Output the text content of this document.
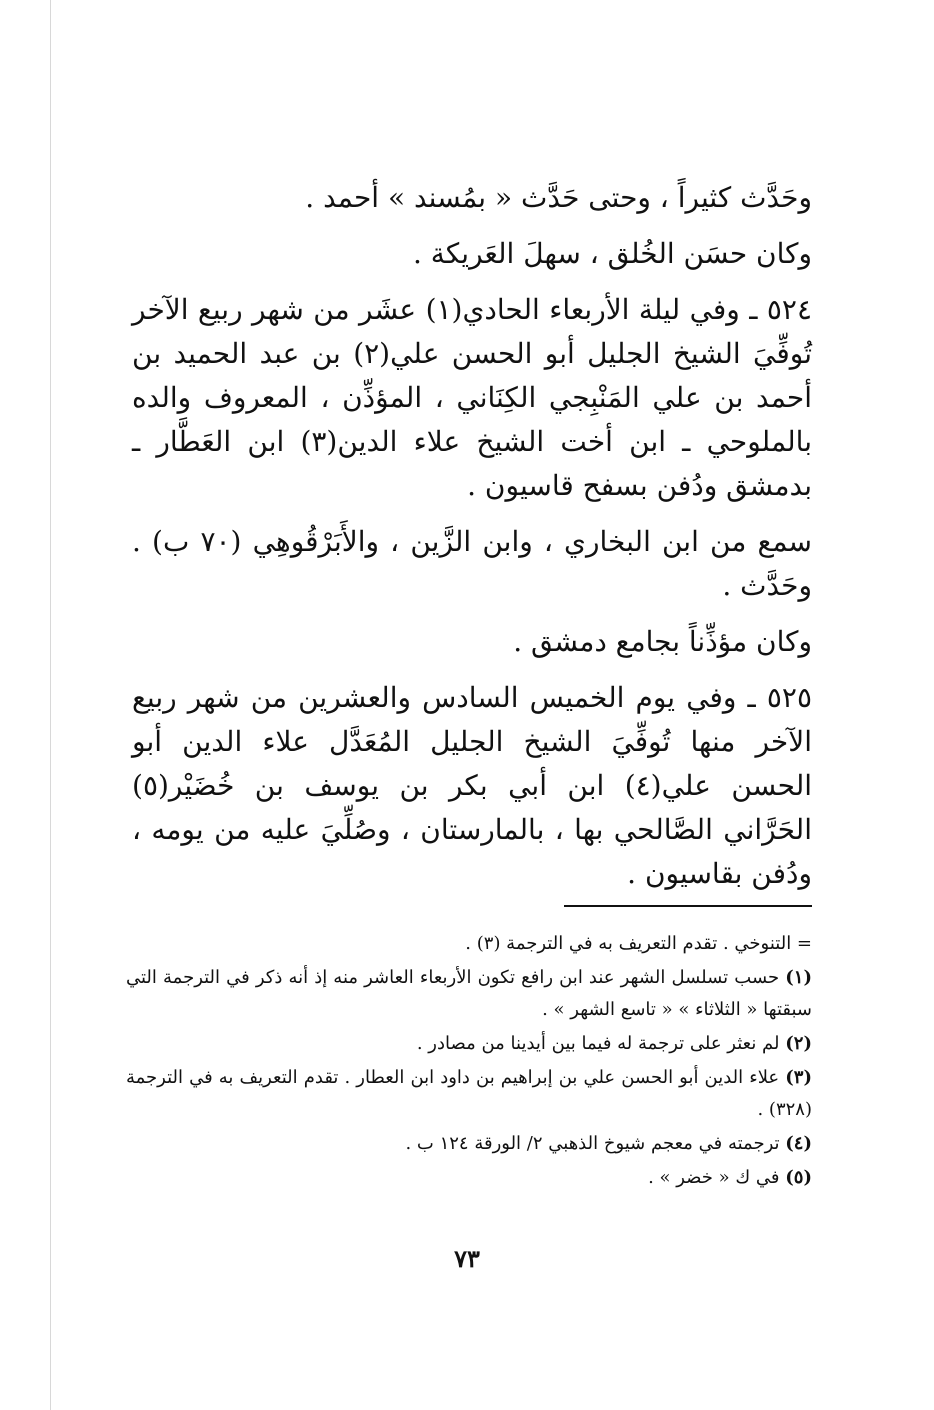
وحَدَّث كثيراً ، وحتى حَدَّث « بمُسند » أحمد .

وكان حسَن الخُلق ، سهلَ العَريكة .

٥٢٤ ـ وفي ليلة الأربعاء الحادي(١) عشَر من شهر ربيع الآخر تُوفِّيَ الشيخ الجليل أبو الحسن علي(٢) بن عبد الحميد بن أحمد بن علي المَنْبِجي الكِنَاني ، المؤذِّن ، المعروف والده بالملوحي ـ ابن أخت الشيخ علاء الدين(٣) ابن العَطَّار ـ بدمشق ودُفن بسفح قاسيون .

سمع من ابن البخاري ، وابن الزَّين ، والأَبَرْقُوهِي (٧٠ ب) . وحَدَّث .

وكان مؤذِّناً بجامع دمشق .

٥٢٥ ـ وفي يوم الخميس السادس والعشرين من شهر ربيع الآخر منها تُوفِّيَ الشيخ الجليل المُعَدَّل علاء الدين أبو الحسن علي(٤) ابن أبي بكر بن يوسف بن خُضَيْر(٥) الحَرَّاني الصَّالحي بها ، بالمارستان ، وصُلِّيَ عليه من يومه ، ودُفن بقاسيون .

= التنوخي . تقدم التعريف به في الترجمة (٣) .

(١) حسب تسلسل الشهر عند ابن رافع تكون الأربعاء العاشر منه إذ أنه ذكر في الترجمة التي سبقتها « الثلاثاء » « تاسع الشهر » .

(٢) لم نعثر على ترجمة له فيما بين أيدينا من مصادر .

(٣) علاء الدين أبو الحسن علي بن إبراهيم بن داود ابن العطار . تقدم التعريف به في الترجمة (٣٢٨) .

(٤) ترجمته في معجم شيوخ الذهبي ٢/ الورقة ١٢٤ ب .

(٥) في ك « خضر » .

٧٣
